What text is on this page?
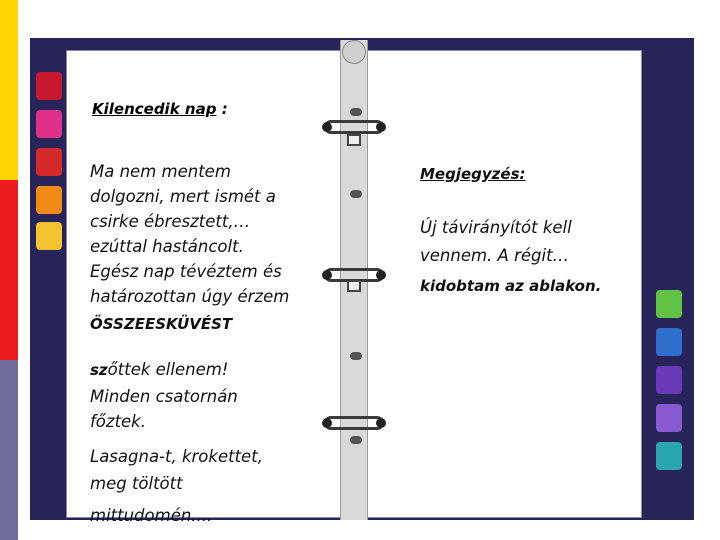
Kilencedik nap :

Ma nem mentem

dolgozni, mert ismét a

csirke ébresztett,…

ezúttal hastáncolt.

Egész nap tévéztem és

határozottan úgy érzem

ÖSSZEESKÜVÉST

szőttek ellenem!

Minden csatornán

főztek.

Lasagna-t, krokettet,

meg töltött

mittudomén....

Megjegyzés:

Új távirányítót kell

vennem. A régit…

kidobtam az ablakon.
